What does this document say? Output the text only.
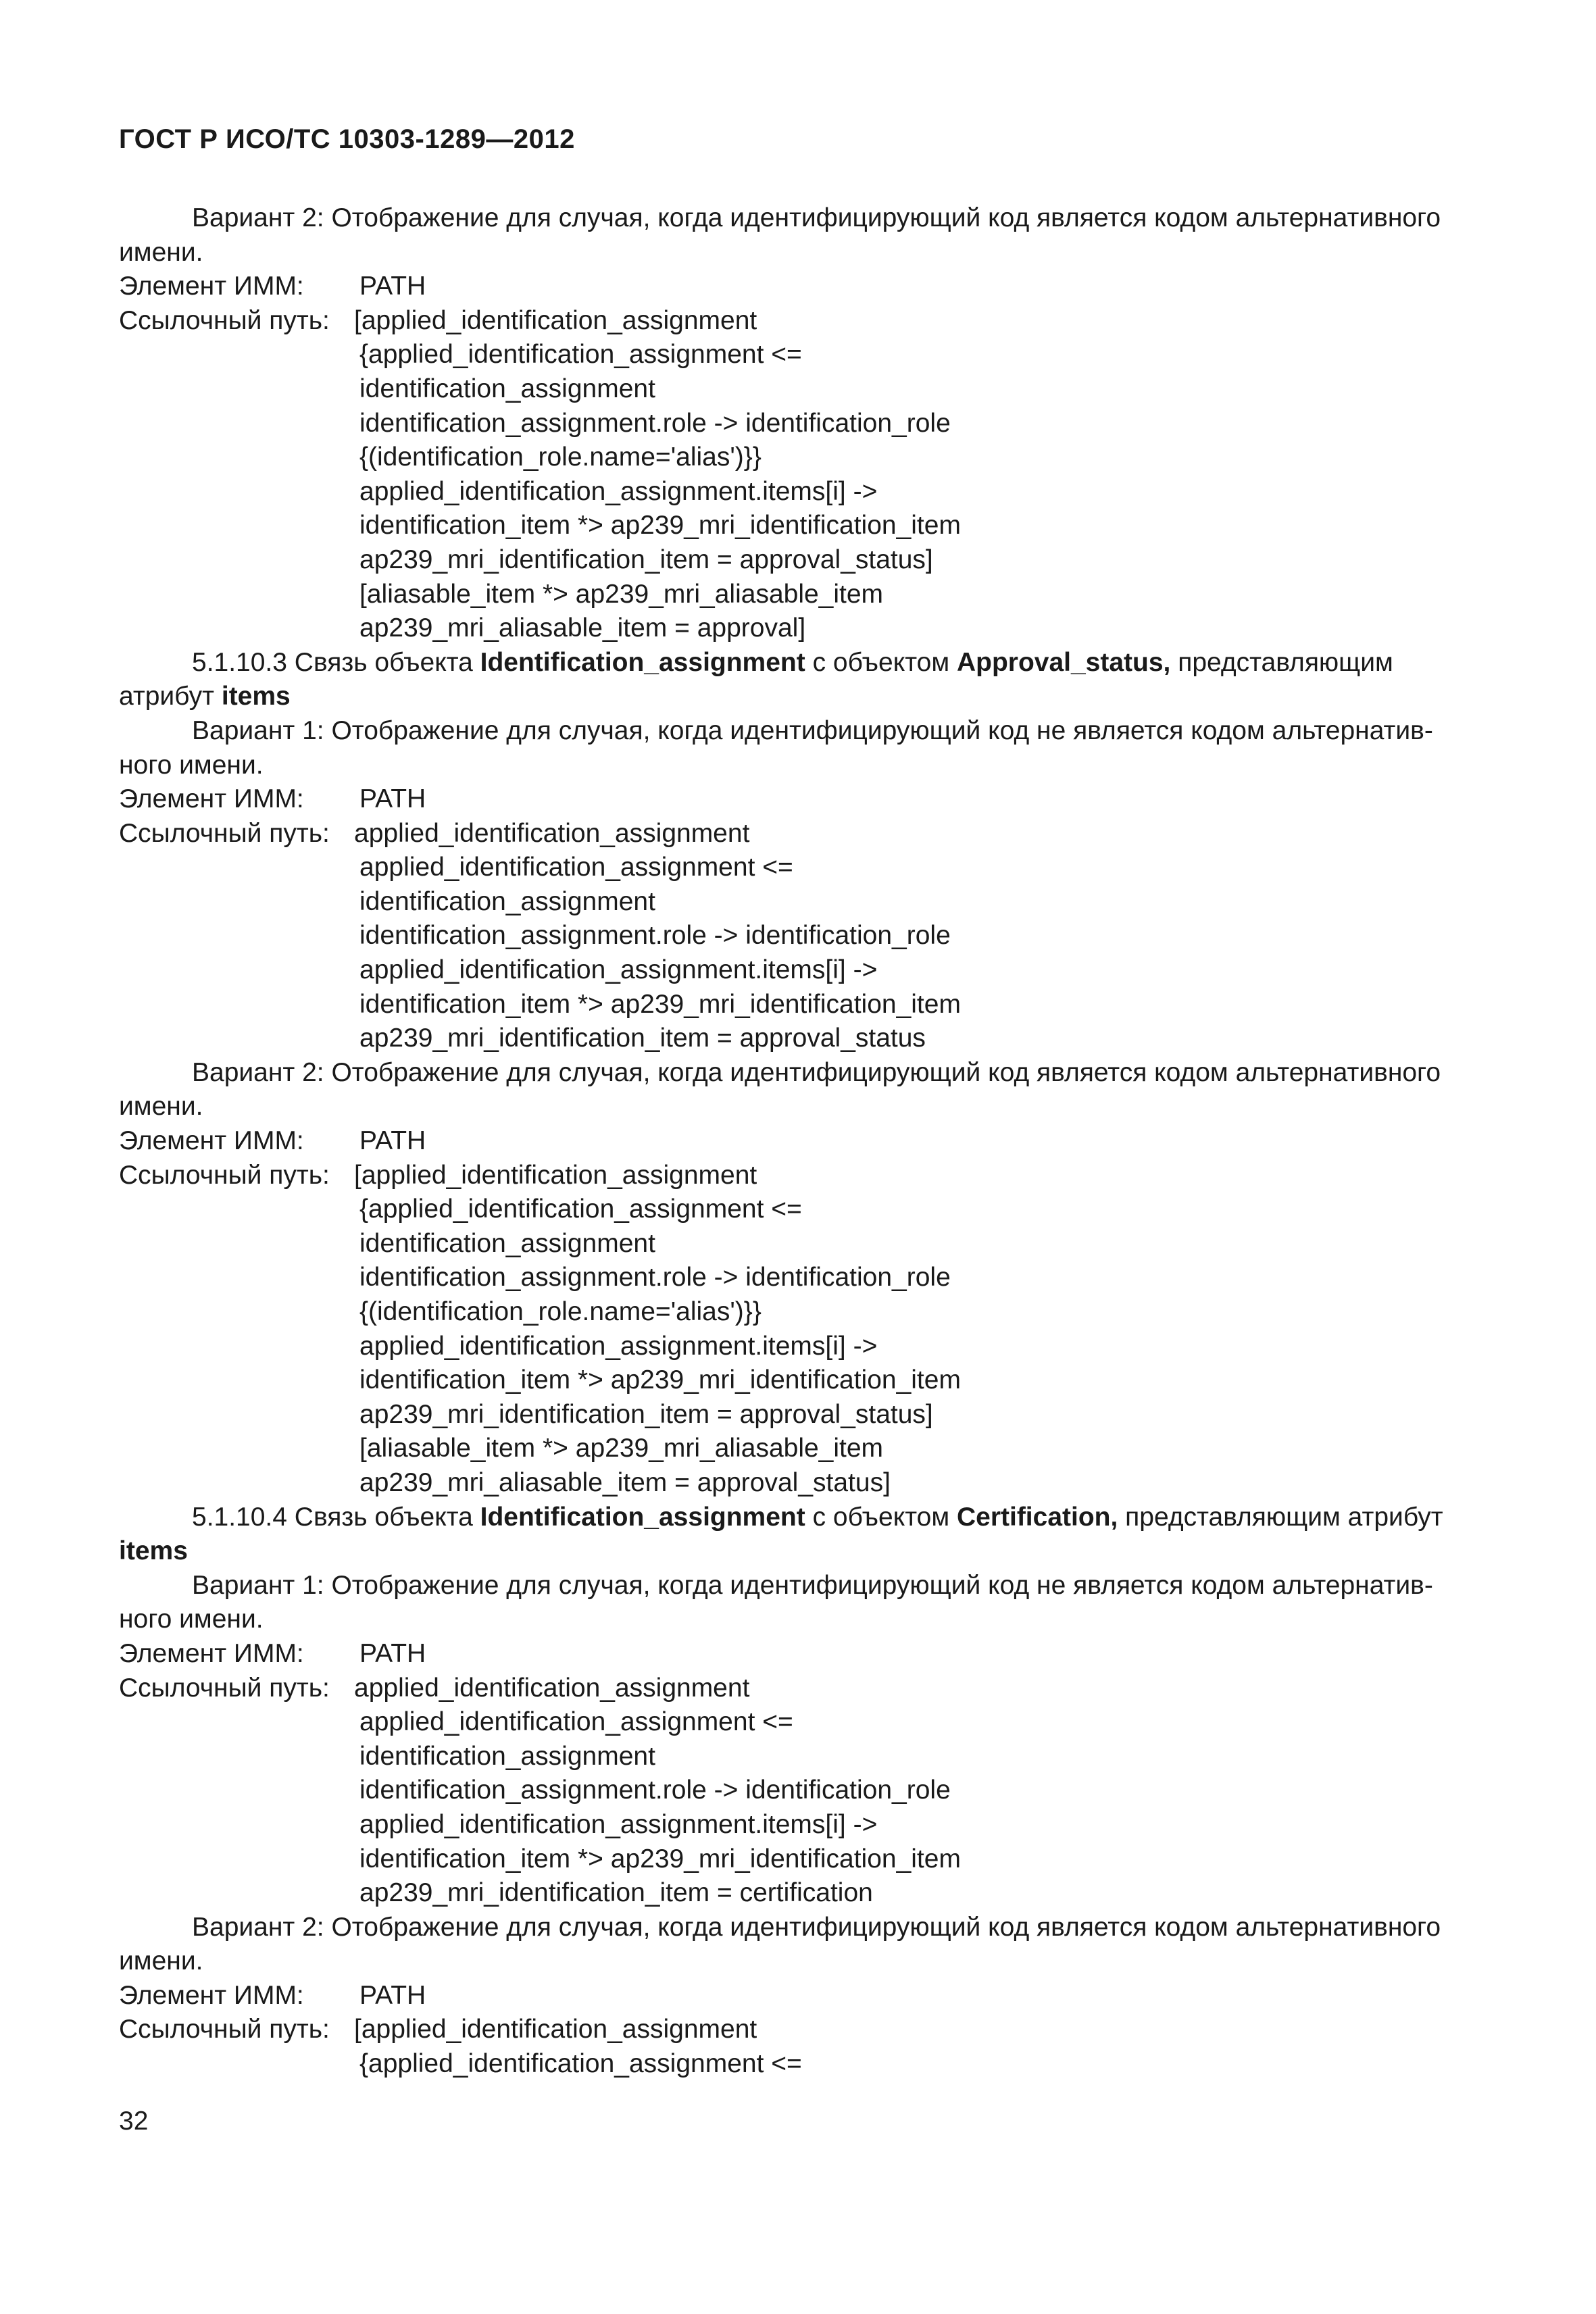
ГОСТ Р ИСО/ТС 10303-1289—2012
Вариант 2: Отображение для случая, когда идентифицирующий код является кодом альтернативного
имени.
Элемент ИММ:	PATH
Ссылочный путь: [applied_identification_assignment
{applied_identification_assignment <=
identification_assignment
identification_assignment.role -> identification_role
{(identification_role.name='alias')}}
applied_identification_assignment.items[i] ->
identification_item *> ap239_mri_identification_item
ap239_mri_identification_item = approval_status]
[aliasable_item *> ap239_mri_aliasable_item
ap239_mri_aliasable_item = approval]
5.1.10.3 Связь объекта Identification_assignment с объектом Approval_status, представляющим
атрибут items
Вариант 1: Отображение для случая, когда идентифицирующий код не является кодом альтернатив-
ного имени.
Элемент ИММ:	PATH
Ссылочный путь: applied_identification_assignment
applied_identification_assignment <=
identification_assignment
identification_assignment.role -> identification_role
applied_identification_assignment.items[i] ->
identification_item *> ap239_mri_identification_item
ap239_mri_identification_item = approval_status
Вариант 2: Отображение для случая, когда идентифицирующий код является кодом альтернативного
имени.
Элемент ИММ:	PATH
Ссылочный путь: [applied_identification_assignment
{applied_identification_assignment <=
identification_assignment
identification_assignment.role -> identification_role
{(identification_role.name='alias')}}
applied_identification_assignment.items[i] ->
identification_item *> ap239_mri_identification_item
ap239_mri_identification_item = approval_status]
[aliasable_item *> ap239_mri_aliasable_item
ap239_mri_aliasable_item = approval_status]
5.1.10.4 Связь объекта Identification_assignment с объектом Certification, представляющим атрибут
items
Вариант 1: Отображение для случая, когда идентифицирующий код не является кодом альтернатив-
ного имени.
Элемент ИММ:	PATH
Ссылочный путь: applied_identification_assignment
applied_identification_assignment <=
identification_assignment
identification_assignment.role -> identification_role
applied_identification_assignment.items[i] ->
identification_item *> ap239_mri_identification_item
ap239_mri_identification_item = certification
Вариант 2: Отображение для случая, когда идентифицирующий код является кодом альтернативного
имени.
Элемент ИММ:	PATH
Ссылочный путь: [applied_identification_assignment
{applied_identification_assignment <=
32
